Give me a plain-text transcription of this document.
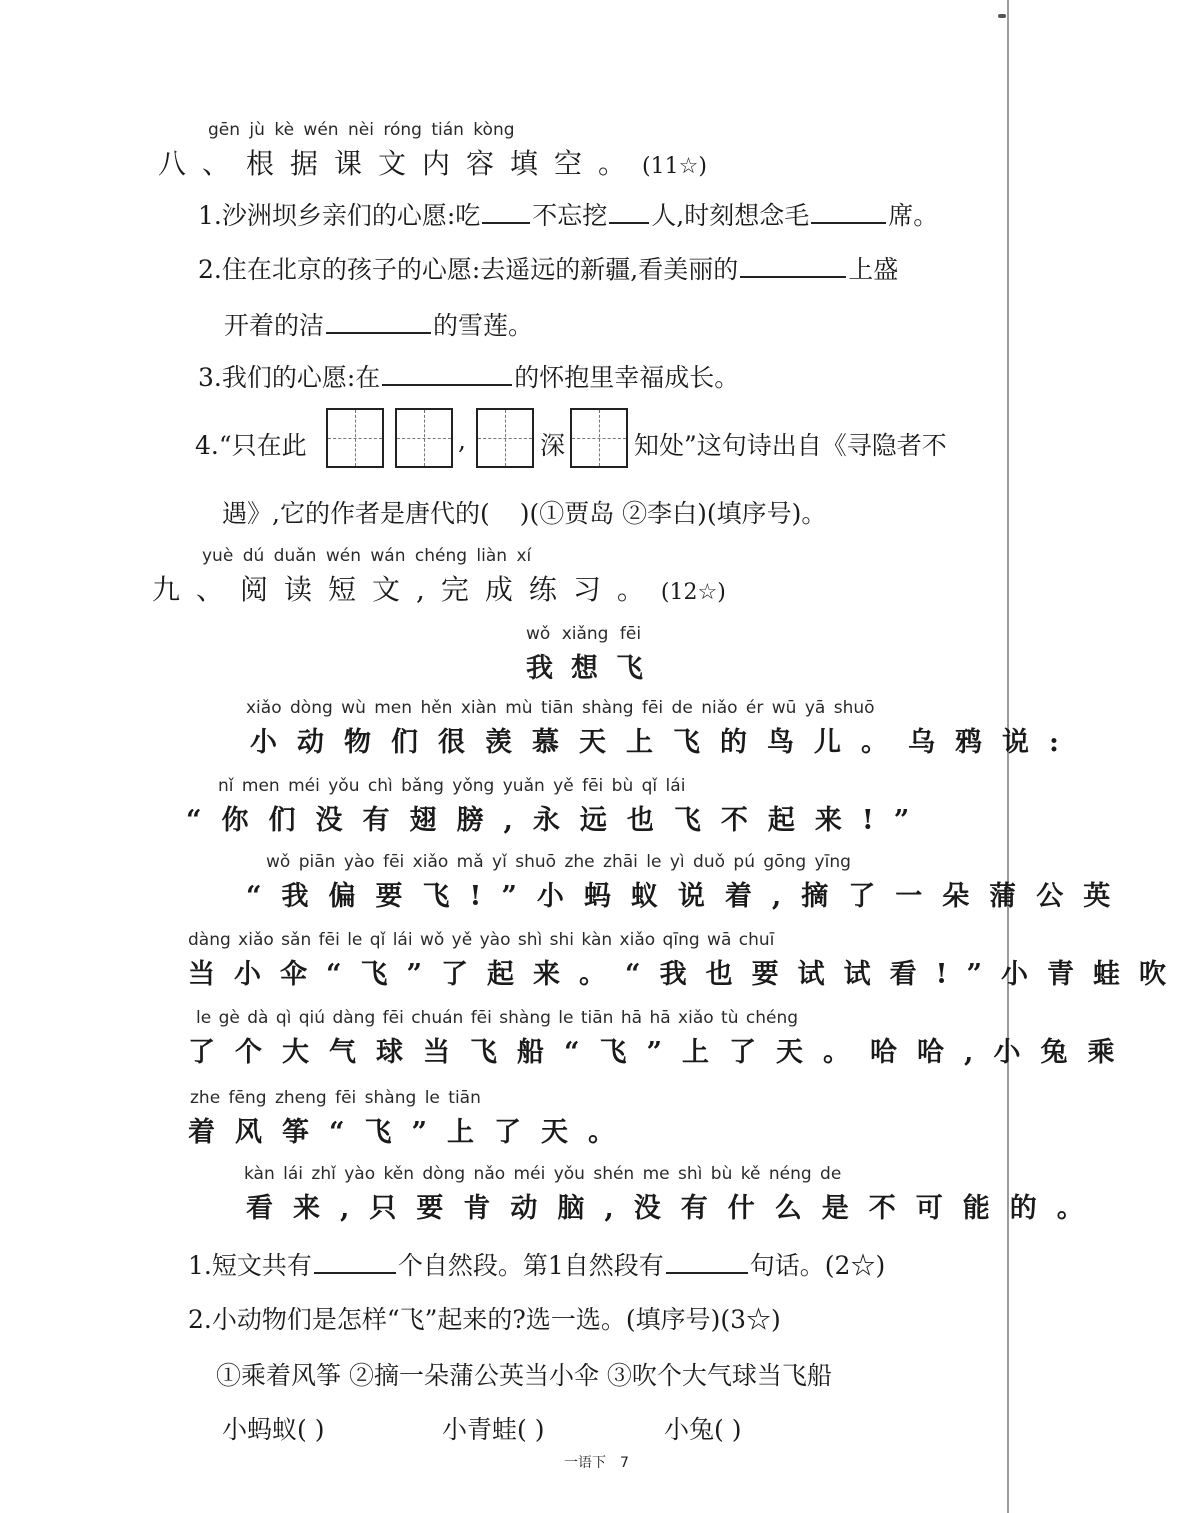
gēn jù kè wén nèi róng tián kòng
八、根据课文内容填空。(11☆)
1.沙洲坝乡亲们的心愿:吃 不忘挖 人,时刻想念毛	席。
2.住在北京的孩子的心愿:去遥远的新疆,看美丽的	上盛
开着的洁	的雪莲。
3.我们的心愿:在	的怀抱里幸福成长。
4.“只在此	,	深	知处”这句诗出自《寻隐者不
遇》,它的作者是唐代的( )(①贾岛 ②李白)(填序号)。
yuè dú duǎn wén wán chéng liàn xí
九、阅读短文,完成练习。(12☆)
wǒ xiǎng fēi
我想飞
xiǎo dòng wù men hěn xiàn mù tiān shàng fēi de niǎo ér wū yā shuō
小动物们很羡慕天上飞的鸟儿。乌鸦说:
nǐ men méi yǒu chì bǎng yǒng yuǎn yě fēi bù qǐ lái
“你们没有翅膀,永远也飞不起来!”
wǒ piān yào fēi xiǎo mǎ yǐ shuō zhe zhāi le yì duǒ pú gōng yīng
“我偏要飞!”小蚂蚁说着,摘了一朵蒲公英
dàng xiǎo sǎn fēi le qǐ lái wǒ yě yào shì shi kàn xiǎo qīng wā chuī
当小伞“飞”了起来。“我也要试试看!”小青蛙吹
le gè dà qì qiú dàng fēi chuán fēi shàng le tiān hā hā xiǎo tù chéng
了个大气球当飞船“飞”上了天。哈哈,小兔乘
zhe fēng zheng fēi shàng le tiān
着风筝“飞”上了天。
kàn lái zhǐ yào kěn dòng nǎo méi yǒu shén me shì bù kě néng de
看来,只要肯动脑,没有什么是不可能的。
1.短文共有	个自然段。第1自然段有	句话。(2☆)
2.小动物们是怎样“飞”起来的?选一选。(填序号)(3☆)
①乘着风筝 ②摘一朵蒲公英当小伞 ③吹个大气球当飞船
小蚂蚁( )	小青蛙( )	小兔( )
一语下 7
